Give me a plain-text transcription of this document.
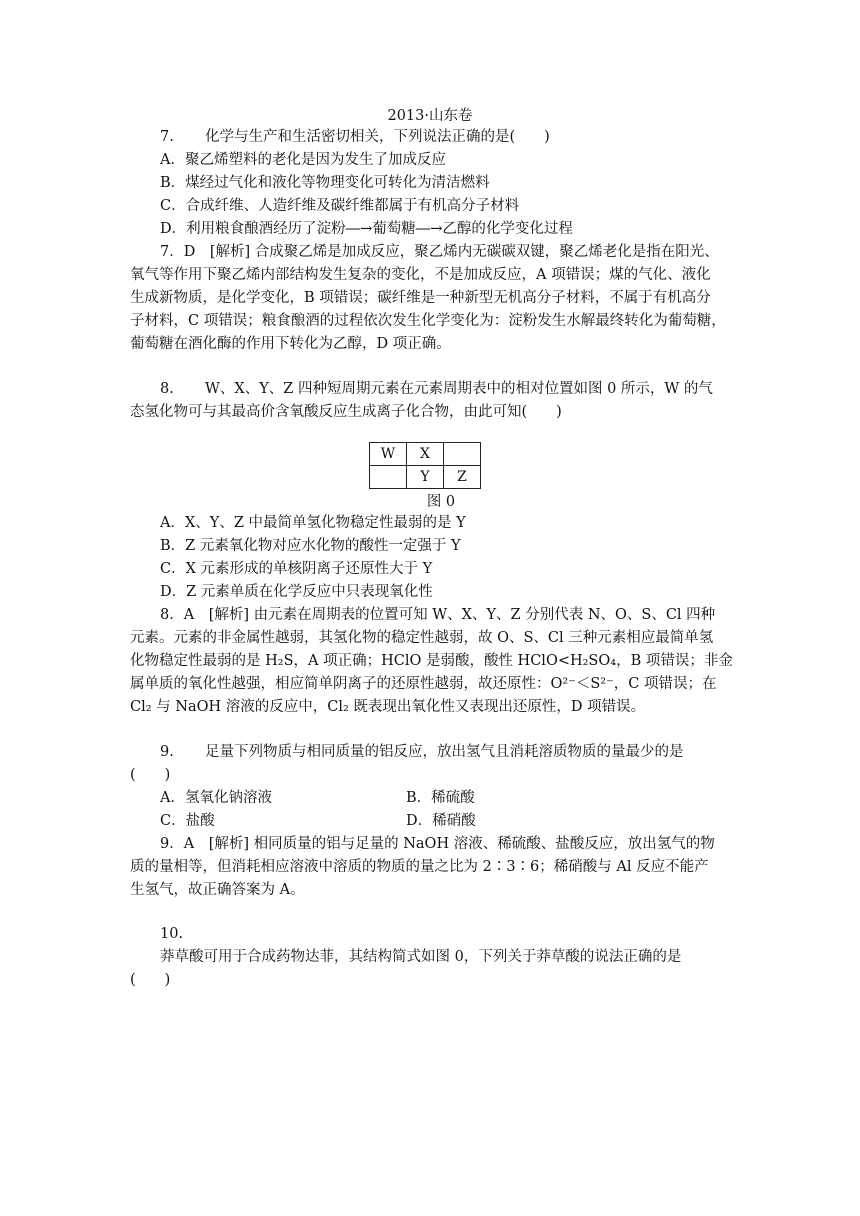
2013·山东卷
7. 化学与生产和生活密切相关，下列说法正确的是(　　)
A．聚乙烯塑料的老化是因为发生了加成反应
B．煤经过气化和液化等物理变化可转化为清洁燃料
C．合成纤维、人造纤维及碳纤维都属于有机高分子材料
D．利用粮食酿酒经历了淀粉―→葡萄糖―→乙醇的化学变化过程
7．D　[解析] 合成聚乙烯是加成反应，聚乙烯内无碳碳双键，聚乙烯老化是指在阳光、
氧气等作用下聚乙烯内部结构发生复杂的变化，不是加成反应，A 项错误；煤的气化、液化
生成新物质，是化学变化，B 项错误；碳纤维是一种新型无机高分子材料，不属于有机高分
子材料，C 项错误；粮食酿酒的过程依次发生化学变化为：淀粉发生水解最终转化为葡萄糖，
葡萄糖在酒化酶的作用下转化为乙醇，D 项正确。
8. W、X、Y、Z 四种短周期元素在元素周期表中的相对位置如图 0 所示，W 的气
态氢化物可与其最高价含氧酸反应生成离子化合物，由此可知(　　)
W	X	
	Y	Z
图 0
A．X、Y、Z 中最简单氢化物稳定性最弱的是 Y
B．Z 元素氧化物对应水化物的酸性一定强于 Y
C．X 元素形成的单核阴离子还原性大于 Y
D．Z 元素单质在化学反应中只表现氧化性
8．A　[解析] 由元素在周期表的位置可知 W、X、Y、Z 分别代表 N、O、S、Cl 四种
元素。元素的非金属性越弱，其氢化物的稳定性越弱，故 O、S、Cl 三种元素相应最简单氢
化物稳定性最弱的是 H₂S，A 项正确；HClO 是弱酸，酸性 HClO<H₂SO₄，B 项错误；非金
属单质的氧化性越强，相应简单阴离子的还原性越弱，故还原性：O²⁻＜S²⁻，C 项错误；在
Cl₂ 与 NaOH 溶液的反应中，Cl₂ 既表现出氧化性又表现出还原性，D 项错误。
9. 足量下列物质与相同质量的铝反应，放出氢气且消耗溶质物质的量最少的是
(　　)
A．氢氧化钠溶液	B．稀硫酸
C．盐酸	D．稀硝酸
9．A　[解析] 相同质量的铝与足量的 NaOH 溶液、稀硫酸、盐酸反应，放出氢气的物
质的量相等，但消耗相应溶液中溶质的物质的量之比为 2∶3∶6；稀硝酸与 Al 反应不能产
生氢气，故正确答案为 A。
10.
莽草酸可用于合成药物达菲，其结构简式如图 0，下列关于莽草酸的说法正确的是
(　　)
